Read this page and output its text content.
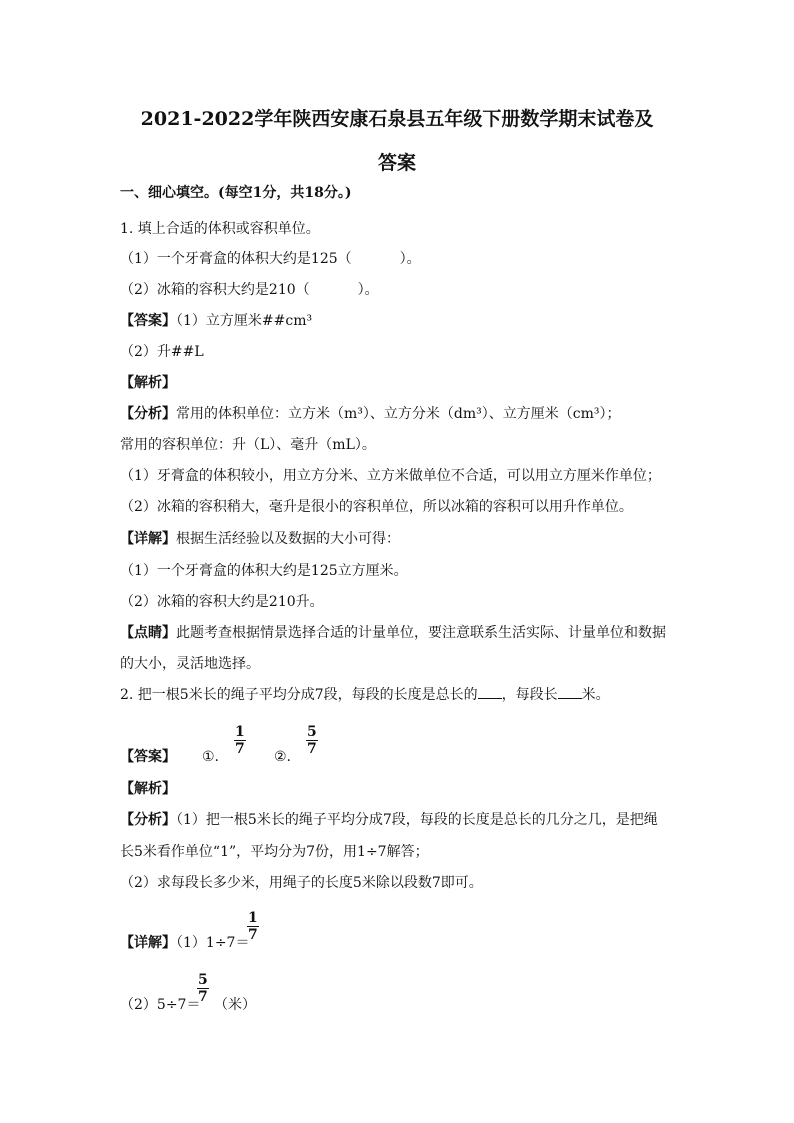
2021-2022学年陕西安康石泉县五年级下册数学期末试卷及
答案
一、细心填空。(每空1分，共18分。)
1. 填上合适的体积或容积单位。
（1）一个牙膏盒的体积大约是125（	）。
（2）冰箱的容积大约是210（	）。
【答案】（1）立方厘米##cm³
（2）升##L
【解析】
【分析】常用的体积单位：立方米（m³）、立方分米（dm³）、立方厘米（cm³）；
常用的容积单位：升（L）、毫升（mL）。
（1）牙膏盒的体积较小，用立方分米、立方米做单位不合适，可以用立方厘米作单位；
（2）冰箱的容积稍大，毫升是很小的容积单位，所以冰箱的容积可以用升作单位。
【详解】根据生活经验以及数据的大小可得：
（1）一个牙膏盒的体积大约是125立方厘米。
（2）冰箱的容积大约是210升。
【点睛】此题考查根据情景选择合适的计量单位，要注意联系生活实际、计量单位和数据
的大小，灵活地选择。
2. 把一根5米长的绳子平均分成7段，每段的长度是总长的 ，每段长 米。
【答案】 ①. $\frac{1}{7}$ ②. $\frac{5}{7}$
【解析】
【分析】（1）把一根5米长的绳子平均分成7段，每段的长度是总长的几分之几，是把绳
长5米看作单位“1”，平均分为7份，用1÷7解答；
（2）求每段长多少米，用绳子的长度5米除以段数7即可。
【详解】（1）1÷7＝
$\frac{1}{7}$
（2）5÷7＝
$\frac{5}{7}$ （米）
